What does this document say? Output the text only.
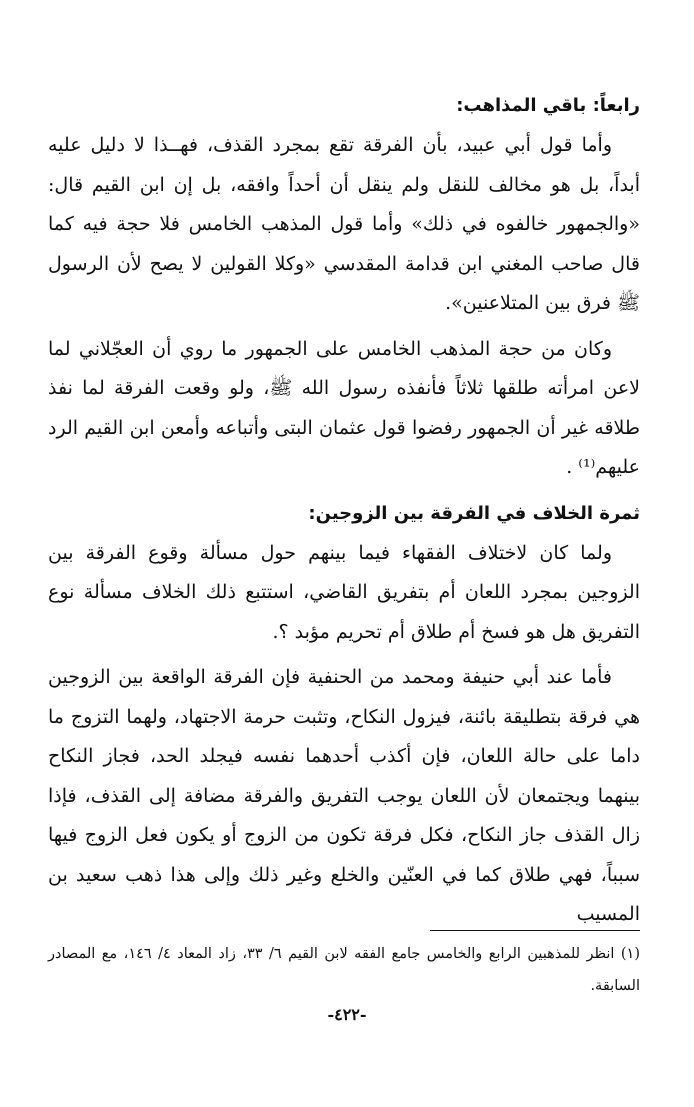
رابعاً: باقي المذاهب:

وأما قول أبي عبيد، بأن الفرقة تقع بمجرد القذف، فهــذا لا دليل عليه أبداً، بل هو مخالف للنقل ولم ينقل أن أحداً وافقه، بل إن ابن القيم قال: «والجمهور خالفوه في ذلك» وأما قول المذهب الخامس فلا حجة فيه كما قال صاحب المغني ابن قدامة المقدسي «وكلا القولين لا يصح لأن الرسول ﷺ فرق بين المتلاعنين».

وكان من حجة المذهب الخامس على الجمهور ما روي أن العجّلاني لما لاعن امرأته طلقها ثلاثاً فأنفذه رسول الله ﷺ، ولو وقعت الفرقة لما نفذ طلاقه غير أن الجمهور رفضوا قول عثمان البتى وأتباعه وأمعن ابن القيم الرد عليهم⁽¹⁾ .

ثمرة الخلاف في الفرقة بين الزوجين:

ولما كان لاختلاف الفقهاء فيما بينهم حول مسألة وقوع الفرقة بين الزوجين بمجرد اللعان أم بتفريق القاضي، استتبع ذلك الخلاف مسألة نوع التفريق هل هو فسخ أم طلاق أم تحريم مؤبد ؟.

فأما عند أبي حنيفة ومحمد من الحنفية فإن الفرقة الواقعة بين الزوجين هي فرقة بتطليقة بائنة، فيزول النكاح، وتثبت حرمة الاجتهاد، ولهما التزوج ما داما على حالة اللعان، فإن أكذب أحدهما نفسه فيجلد الحد، فجاز النكاح بينهما ويجتمعان لأن اللعان يوجب التفريق والفرقة مضافة إلى القذف، فإذا زال القذف جاز النكاح، فكل فرقة تكون من الزوج أو يكون فعل الزوج فيها سبباً، فهي طلاق كما في العنّين والخلع وغير ذلك وإلى هذا ذهب سعيد بن المسيب

(١) انظر للمذهبين الرابع والخامس جامع الفقه لابن القيم ٦/ ٣٣، زاد المعاد ٤/ ١٤٦، مع المصادر السابقة.

-٤٢٢-
